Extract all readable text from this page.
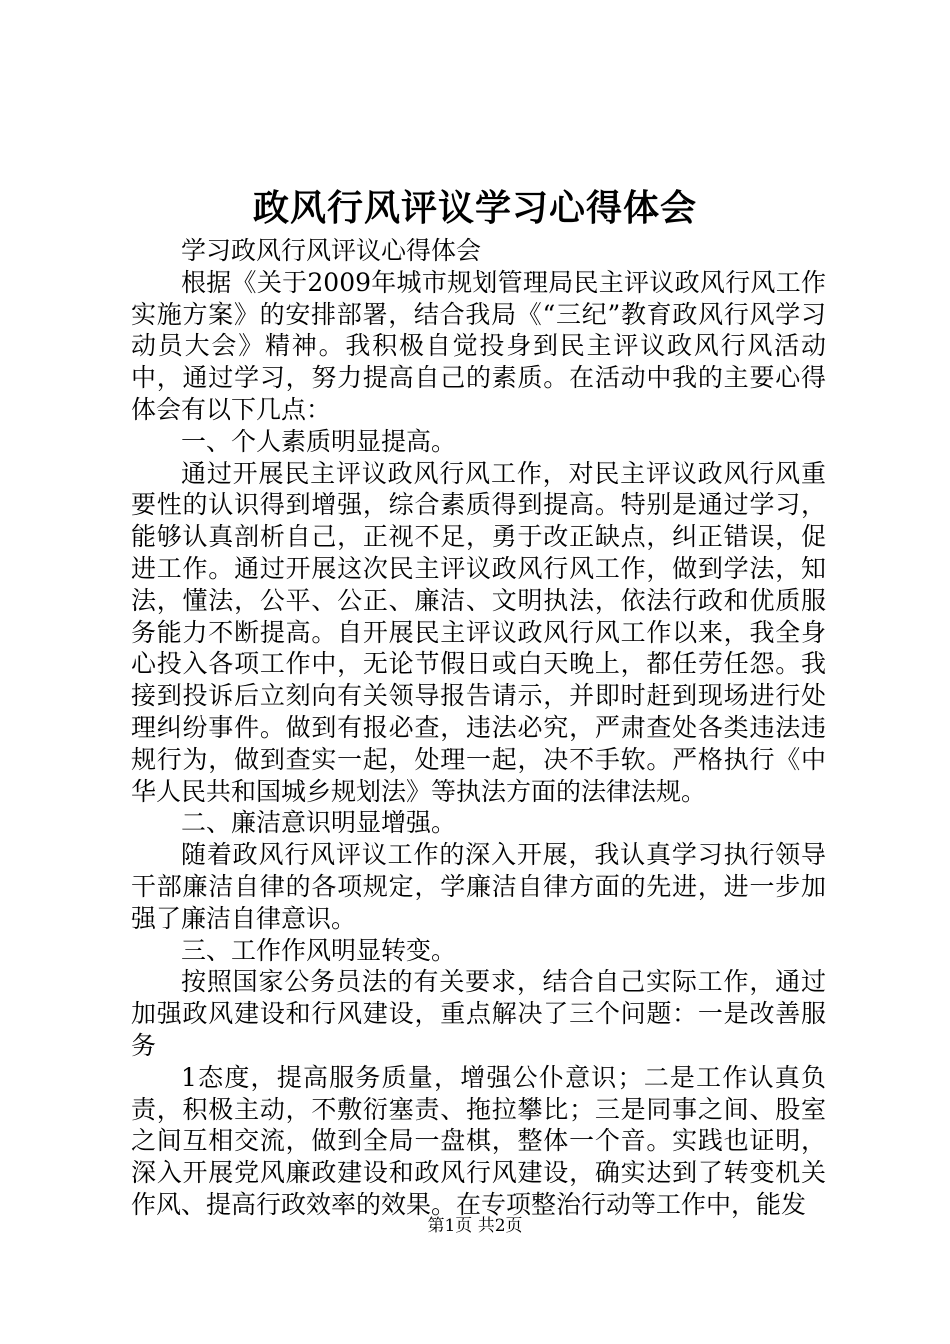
政风行风评议学习心得体会

学习政风行风评议心得体会

根据《关于2009年城市规划管理局民主评议政风行风工作实施方案》的安排部署，结合我局《“三纪”教育政风行风学习动员大会》精神。我积极自觉投身到民主评议政风行风活动中，通过学习，努力提高自己的素质。在活动中我的主要心得体会有以下几点：

一、个人素质明显提高。

通过开展民主评议政风行风工作，对民主评议政风行风重要性的认识得到增强，综合素质得到提高。特别是通过学习，能够认真剖析自己，正视不足，勇于改正缺点，纠正错误，促进工作。通过开展这次民主评议政风行风工作，做到学法，知法，懂法，公平、公正、廉洁、文明执法，依法行政和优质服务能力不断提高。自开展民主评议政风行风工作以来，我全身心投入各项工作中，无论节假日或白天晚上，都任劳任怨。我接到投诉后立刻向有关领导报告请示，并即时赶到现场进行处理纠纷事件。做到有报必查，违法必究，严肃查处各类违法违规行为，做到查实一起，处理一起，决不手软。严格执行《中华人民共和国城乡规划法》等执法方面的法律法规。

二、廉洁意识明显增强。

随着政风行风评议工作的深入开展，我认真学习执行领导干部廉洁自律的各项规定，学廉洁自律方面的先进，进一步加强了廉洁自律意识。

三、工作作风明显转变。

按照国家公务员法的有关要求，结合自己实际工作，通过加强政风建设和行风建设，重点解决了三个问题：一是改善服务

1态度，提高服务质量，增强公仆意识；二是工作认真负责，积极主动，不敷衍塞责、拖拉攀比；三是同事之间、股室之间互相交流，做到全局一盘棋，整体一个音。实践也证明，深入开展党风廉政建设和政风行风建设，确实达到了转变机关作风、提高行政效率的效果。在专项整治行动等工作中，能发

第1页 共2页
